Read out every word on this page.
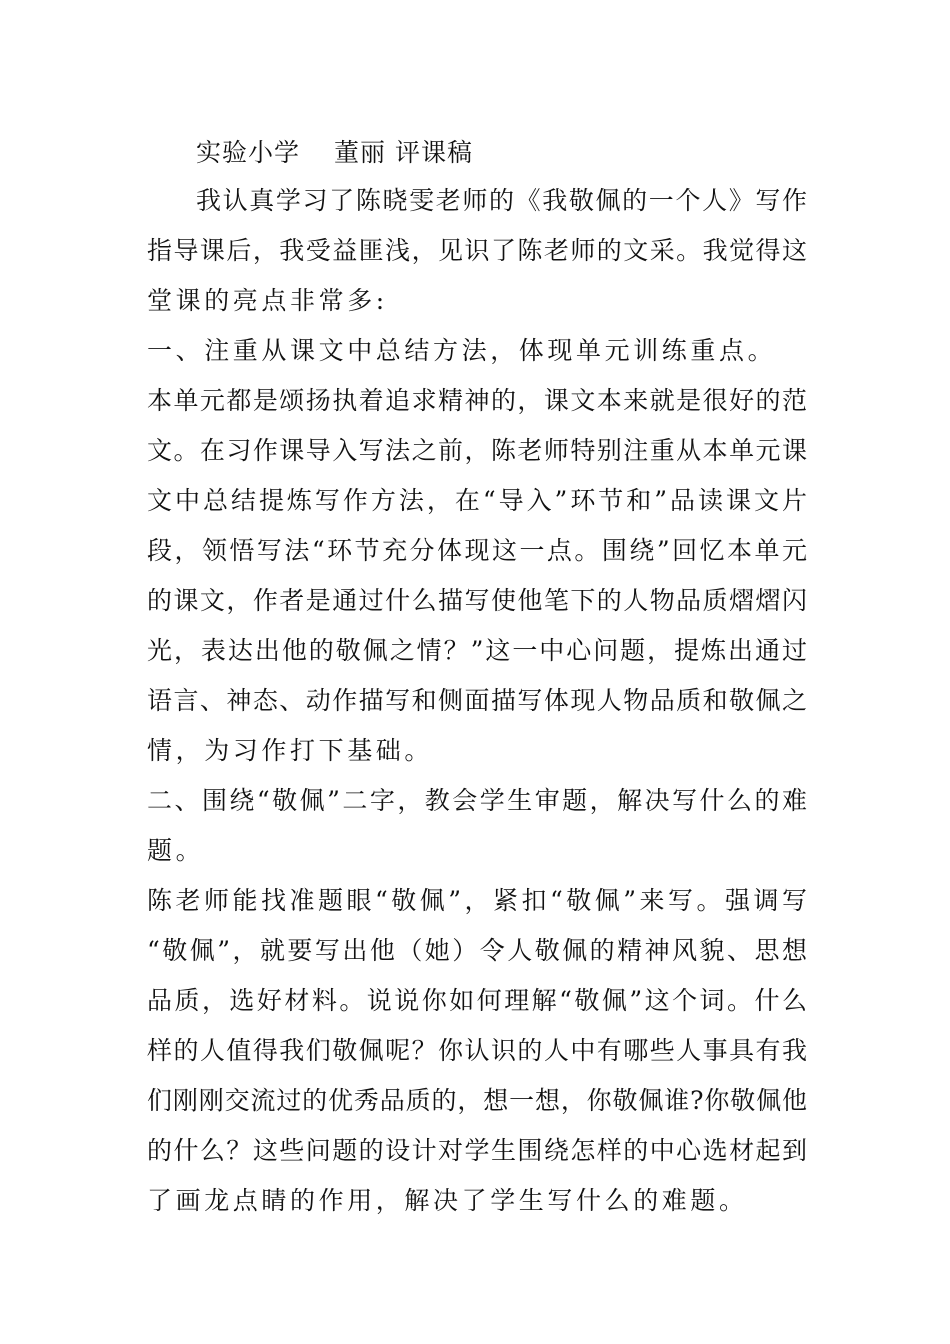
实验小学 董丽 评课稿
我认真学习了陈晓雯老师的《我敬佩的一个人》写作
指导课后，我受益匪浅，见识了陈老师的文采。我觉得这
堂课的亮点非常多:
一、注重从课文中总结方法，体现单元训练重点。
本单元都是颂扬执着追求精神的，课文本来就是很好的范
文。在习作课导入写法之前，陈老师特别注重从本单元课
文中总结提炼写作方法，在“导入”环节和”品读课文片
段，领悟写法“环节充分体现这一点。围绕”回忆本单元
的课文，作者是通过什么描写使他笔下的人物品质熠熠闪
光，表达出他的敬佩之情？”这一中心问题，提炼出通过
语言、神态、动作描写和侧面描写体现人物品质和敬佩之
情，为习作打下基础。
二、围绕“敬佩”二字，教会学生审题，解决写什么的难
题。
陈老师能找准题眼“敬佩”，紧扣“敬佩”来写。强调写
“敬佩”，就要写出他（她）令人敬佩的精神风貌、思想
品质，选好材料。说说你如何理解“敬佩”这个词。什么
样的人值得我们敬佩呢？你认识的人中有哪些人事具有我
们刚刚交流过的优秀品质的，想一想，你敬佩谁?你敬佩他
的什么？这些问题的设计对学生围绕怎样的中心选材起到
了画龙点睛的作用，解决了学生写什么的难题。
